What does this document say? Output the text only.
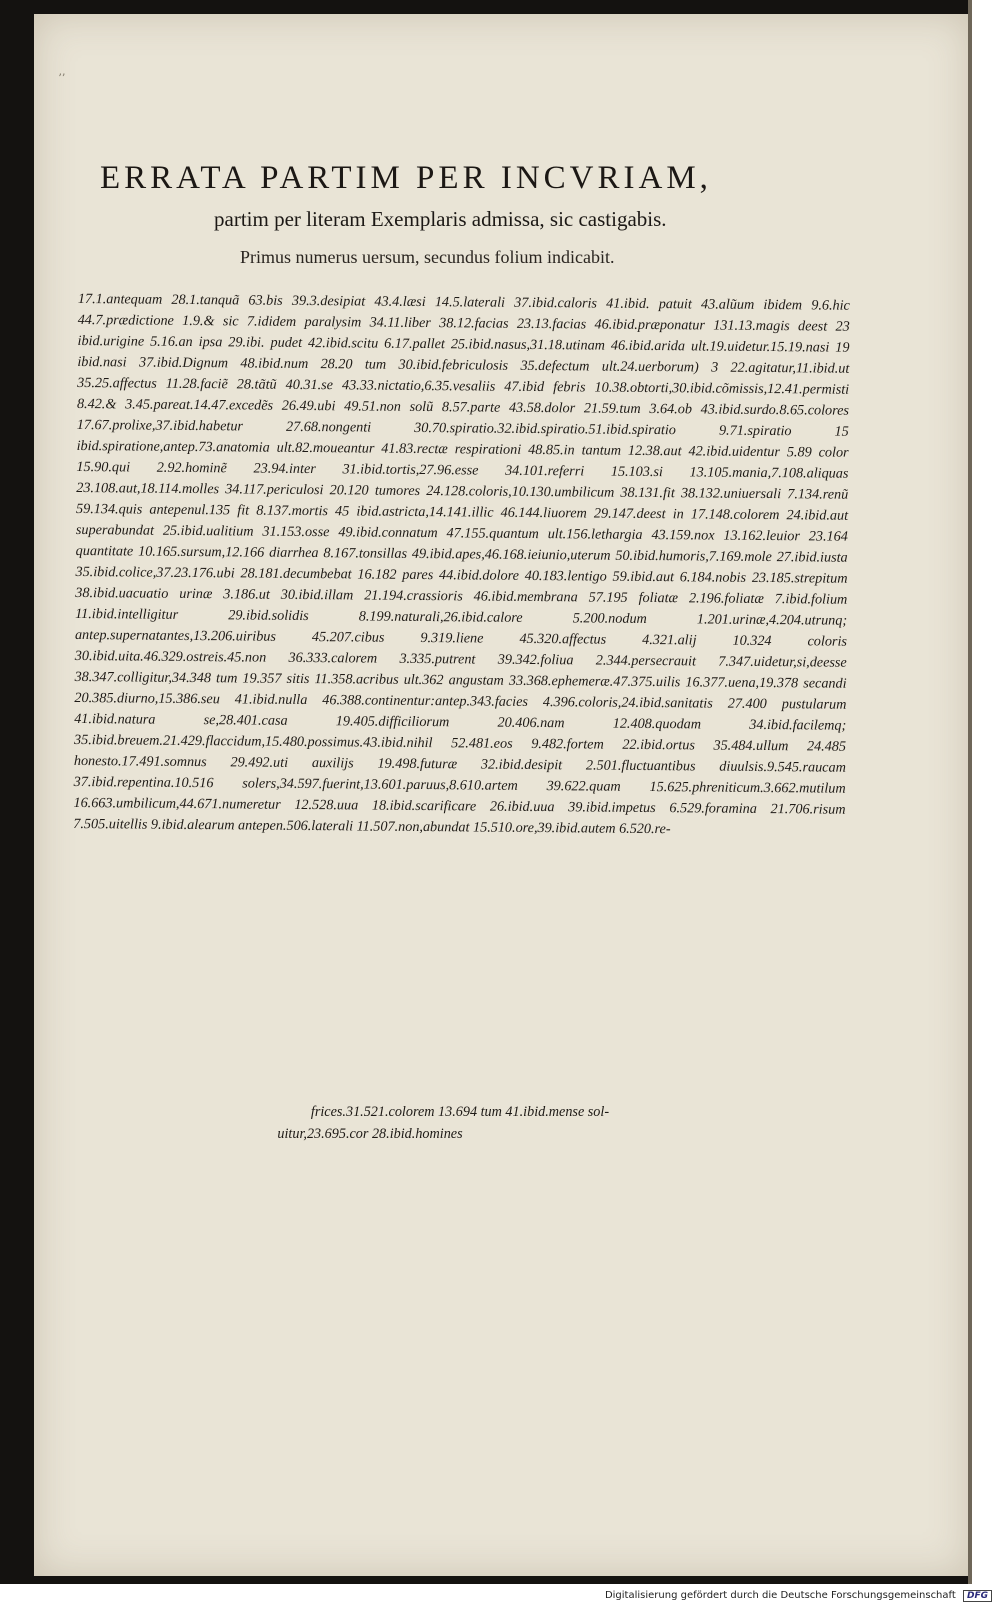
ʼʼ
ERRATA PARTIM PER INCVRIAM,
partim per literam Exemplaris admissa, sic castigabis.
Primus numerus uersum, secundus folium indicabit.

17.1.antequam 28.1.tanquã 63.bis 39.3.desipiat 43.4.læsi 14.5.laterali 37.ibid.caloris 41.ibid. patuit 43.alũum ibidem 9.6.hic 44.7.prædictione 1.9.& sic 7.ididem paralysim 34.11.liber 38.12.facias 23.13.facias 46.ibid.præponatur 131.13.magis deest 23 ibid.urigine 5.16.an ipsa 29.ibi. pudet 42.ibid.scitu 6.17.pallet 25.ibid.nasus,31.18.utinam 46.ibid.arida ult.19.uidetur.15.19.nasi 19 ibid.nasi 37.ibid.Dignum 48.ibid.num 28.20 tum 30.ibid.febriculosis 35.defectum ult.24.uerborum) 3 22.agitatur,11.ibid.ut 35.25.affectus 11.28.faciẽ 28.tãtũ 40.31.se 43.33.nictatio,6.35.vesaliis 47.ibid febris 10.38.obtorti,30.ibid.cõmissis,12.41.permisti 8.42.& 3.45.pareat.14.47.excedẽs 26.49.ubi 49.51.non solũ 8.57.parte 43.58.dolor 21.59.tum 3.64.ob 43.ibid.surdo.8.65.colores 17.67.prolixe,37.ibid.habetur 27.68.nongenti 30.70.spiratio.32.ibid.spiratio.51.ibid.spiratio 9.71.spiratio 15 ibid.spiratione,antep.73.anatomia ult.82.moueantur 41.83.rectæ respirationi 48.85.in tantum 12.38.aut 42.ibid.uidentur 5.89 color 15.90.qui 2.92.hominẽ 23.94.inter 31.ibid.tortis,27.96.esse 34.101.referri 15.103.si 13.105.mania,7.108.aliquas 23.108.aut,18.114.molles 34.117.periculosi 20.120 tumores 24.128.coloris,10.130.umbilicum 38.131.fit 38.132.uniuersali 7.134.renũ 59.134.quis antepenul.135 fit 8.137.mortis 45 ibid.astricta,14.141.illic 46.144.liuorem 29.147.deest in 17.148.colorem 24.ibid.aut superabundat 25.ibid.ualitium 31.153.osse 49.ibid.connatum 47.155.quantum ult.156.lethargia 43.159.nox 13.162.leuior 23.164 quantitate 10.165.sursum,12.166 diarrhea 8.167.tonsillas 49.ibid.apes,46.168.ieiunio,uterum 50.ibid.humoris,7.169.mole 27.ibid.iusta 35.ibid.colice,37.23.176.ubi 28.181.decumbebat 16.182 pares 44.ibid.dolore 40.183.lentigo 59.ibid.aut 6.184.nobis 23.185.strepitum 38.ibid.uacuatio urinæ 3.186.ut 30.ibid.illam 21.194.crassioris 46.ibid.membrana 57.195 foliatæ 2.196.foliatæ 7.ibid.folium 11.ibid.intelligitur 29.ibid.solidis 8.199.naturali,26.ibid.calore 5.200.nodum 1.201.urinæ,4.204.utrunq; antep.supernatantes,13.206.uiribus 45.207.cibus 9.319.liene 45.320.affectus 4.321.alij 10.324 coloris 30.ibid.uita.46.329.ostreis.45.non 36.333.calorem 3.335.putrent 39.342.foliua 2.344.persecrauit 7.347.uidetur,si,deesse 38.347.colligitur,34.348 tum 19.357 sitis 11.358.acribus ult.362 angustam 33.368.ephemeræ.47.375.uilis 16.377.uena,19.378 secandi 20.385.diurno,15.386.seu 41.ibid.nulla 46.388.continentur:antep.343.facies 4.396.coloris,24.ibid.sanitatis 27.400 pustularum 41.ibid.natura se,28.401.casa 19.405.difficiliorum 20.406.nam 12.408.quodam 34.ibid.facilemq; 35.ibid.breuem.21.429.flaccidum,15.480.possimus.43.ibid.nihil 52.481.eos 9.482.fortem 22.ibid.ortus 35.484.ullum 24.485 honesto.17.491.somnus 29.492.uti auxilijs 19.498.futuræ 32.ibid.desipit 2.501.fluctuantibus diuulsis.9.545.raucam 37.ibid.repentina.10.516 solers,34.597.fuerint,13.601.paruus,8.610.artem 39.622.quam 15.625.phreniticum.3.662.mutilum 16.663.umbilicum,44.671.numeretur 12.528.uua 18.ibid.scarificare 26.ibid.uua 39.ibid.impetus 6.529.foramina 21.706.risum 7.505.uitellis 9.ibid.alearum antepen.506.laterali 11.507.non,abundat 15.510.ore,39.ibid.autem 6.520.re-

frices.31.521.colorem 13.694 tum 41.ibid.mense sol-
uitur,23.695.cor 28.ibid.homines
Digitalisierung gefördert durch die Deutsche Forschungsgemeinschaft DFG
